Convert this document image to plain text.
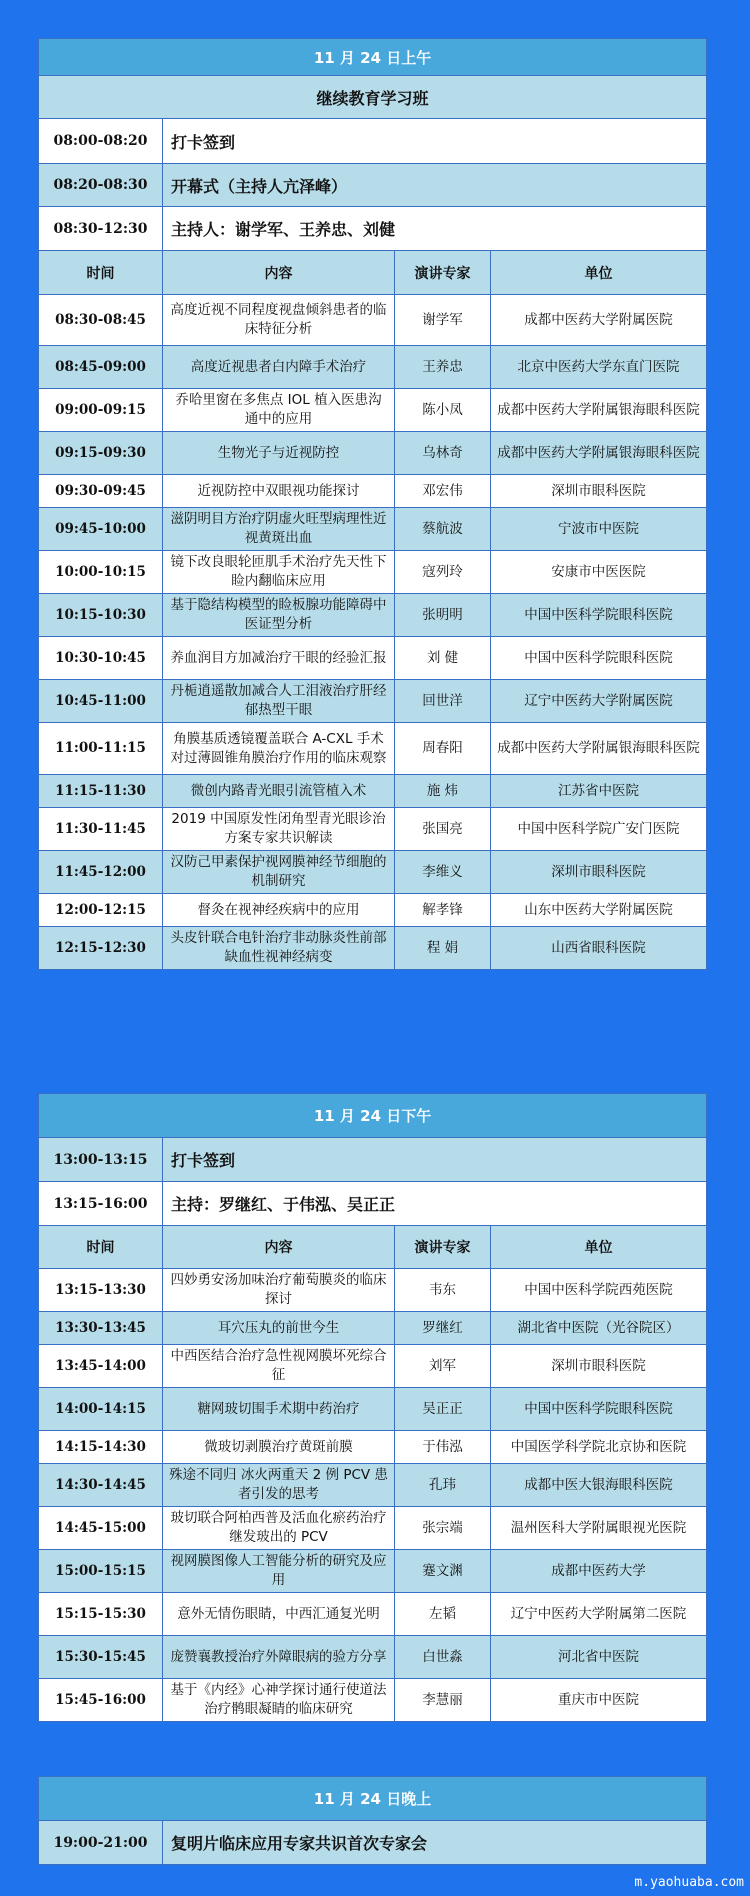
11 月 24 日上午			
继续教育学习班			
08:00-08:20	打卡签到		
08:20-08:30	开幕式（主持人亢泽峰）		
08:30-12:30	主持人：谢学军、王养忠、刘健		
时间	内容	演讲专家	单位
08:30-08:45	高度近视不同程度视盘倾斜患者的临床特征分析	谢学军	成都中医药大学附属医院
08:45-09:00	高度近视患者白内障手术治疗	王养忠	北京中医药大学东直门医院
09:00-09:15	乔哈里窗在多焦点 IOL 植入医患沟通中的应用	陈小凤	成都中医药大学附属银海眼科医院
09:15-09:30	生物光子与近视防控	乌林奇	成都中医药大学附属银海眼科医院
09:30-09:45	近视防控中双眼视功能探讨	邓宏伟	深圳市眼科医院
09:45-10:00	滋阴明目方治疗阴虚火旺型病理性近视黄斑出血	蔡航波	宁波市中医院
10:00-10:15	镜下改良眼轮匝肌手术治疗先天性下睑内翻临床应用	寇列玲	安康市中医医院
10:15-10:30	基于隐结构模型的睑板腺功能障碍中医证型分析	张明明	中国中医科学院眼科医院
10:30-10:45	养血润目方加减治疗干眼的经验汇报	刘 健	中国中医科学院眼科医院
10:45-11:00	丹栀逍遥散加减合人工泪液治疗肝经郁热型干眼	回世洋	辽宁中医药大学附属医院
11:00-11:15	角膜基质透镜覆盖联合 A-CXL 手术对过薄圆锥角膜治疗作用的临床观察	周春阳	成都中医药大学附属银海眼科医院
11:15-11:30	微创内路青光眼引流管植入术	施 炜	江苏省中医院
11:30-11:45	2019 中国原发性闭角型青光眼诊治方案专家共识解读	张国亮	中国中医科学院广安门医院
11:45-12:00	汉防己甲素保护视网膜神经节细胞的机制研究	李维义	深圳市眼科医院
12:00-12:15	督灸在视神经疾病中的应用	解孝锋	山东中医药大学附属医院
12:15-12:30	头皮针联合电针治疗非动脉炎性前部缺血性视神经病变	程 娟	山西省眼科医院
11 月 24 日下午			
13:00-13:15	打卡签到		
13:15-16:00	主持：罗继红、于伟泓、吴正正		
时间	内容	演讲专家	单位
13:15-13:30	四妙勇安汤加味治疗葡萄膜炎的临床探讨	韦东	中国中医科学院西苑医院
13:30-13:45	耳穴压丸的前世今生	罗继红	湖北省中医院（光谷院区）
13:45-14:00	中西医结合治疗急性视网膜坏死综合征	刘军	深圳市眼科医院
14:00-14:15	糖网玻切围手术期中药治疗	吴正正	中国中医科学院眼科医院
14:15-14:30	微玻切剥膜治疗黄斑前膜	于伟泓	中国医学科学院北京协和医院
14:30-14:45	殊途不同归 冰火两重天 2 例 PCV 患者引发的思考	孔玮	成都中医大银海眼科医院
14:45-15:00	玻切联合阿柏西普及活血化瘀药治疗继发玻出的 PCV	张宗端	温州医科大学附属眼视光医院
15:00-15:15	视网膜图像人工智能分析的研究及应用	蹇文渊	成都中医药大学
15:15-15:30	意外无情伤眼睛，中西汇通复光明	左韬	辽宁中医药大学附属第二医院
15:30-15:45	庞赞襄教授治疗外障眼病的验方分享	白世淼	河北省中医院
15:45-16:00	基于《内经》心神学探讨通行使道法治疗鹘眼凝睛的临床研究	李慧丽	重庆市中医院
11 月 24 日晚上
19:00-21:00	复明片临床应用专家共识首次专家会
m.yaohuaba.com
